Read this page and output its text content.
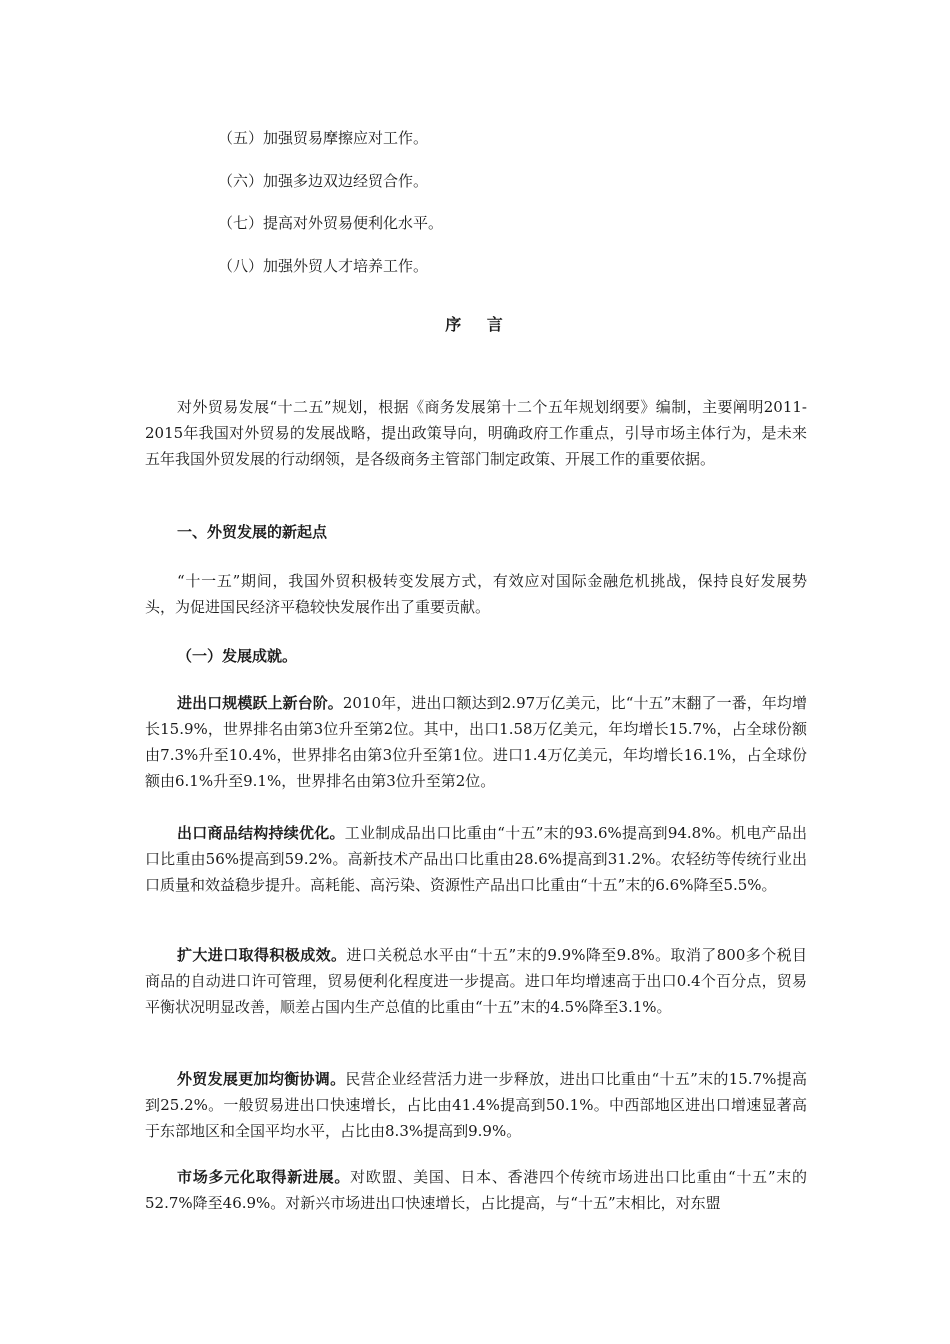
（五）加强贸易摩擦应对工作。
（六）加强多边双边经贸合作。
（七）提高对外贸易便利化水平。
（八）加强外贸人才培养工作。
序 言
对外贸易发展“十二五”规划，根据《商务发展第十二个五年规划纲要》编制，主要阐明2011-2015年我国对外贸易的发展战略，提出政策导向，明确政府工作重点，引导市场主体行为，是未来五年我国外贸发展的行动纲领，是各级商务主管部门制定政策、开展工作的重要依据。
一、外贸发展的新起点
“十一五”期间，我国外贸积极转变发展方式，有效应对国际金融危机挑战，保持良好发展势头，为促进国民经济平稳较快发展作出了重要贡献。
（一）发展成就。
进出口规模跃上新台阶。2010年，进出口额达到2.97万亿美元，比“十五”末翻了一番，年均增长15.9%，世界排名由第3位升至第2位。其中，出口1.58万亿美元，年均增长15.7%，占全球份额由7.3%升至10.4%，世界排名由第3位升至第1位。进口1.4万亿美元，年均增长16.1%，占全球份额由6.1%升至9.1%，世界排名由第3位升至第2位。
出口商品结构持续优化。工业制成品出口比重由“十五”末的93.6%提高到94.8%。机电产品出口比重由56%提高到59.2%。高新技术产品出口比重由28.6%提高到31.2%。农轻纺等传统行业出口质量和效益稳步提升。高耗能、高污染、资源性产品出口比重由“十五”末的6.6%降至5.5%。
扩大进口取得积极成效。进口关税总水平由“十五”末的9.9%降至9.8%。取消了800多个税目商品的自动进口许可管理，贸易便利化程度进一步提高。进口年均增速高于出口0.4个百分点，贸易平衡状况明显改善，顺差占国内生产总值的比重由“十五”末的4.5%降至3.1%。
外贸发展更加均衡协调。民营企业经营活力进一步释放，进出口比重由“十五”末的15.7%提高到25.2%。一般贸易进出口快速增长，占比由41.4%提高到50.1%。中西部地区进出口增速显著高于东部地区和全国平均水平，占比由8.3%提高到9.9%。
市场多元化取得新进展。对欧盟、美国、日本、香港四个传统市场进出口比重由“十五”末的52.7%降至46.9%。对新兴市场进出口快速增长，占比提高，与“十五”末相比，对东盟
